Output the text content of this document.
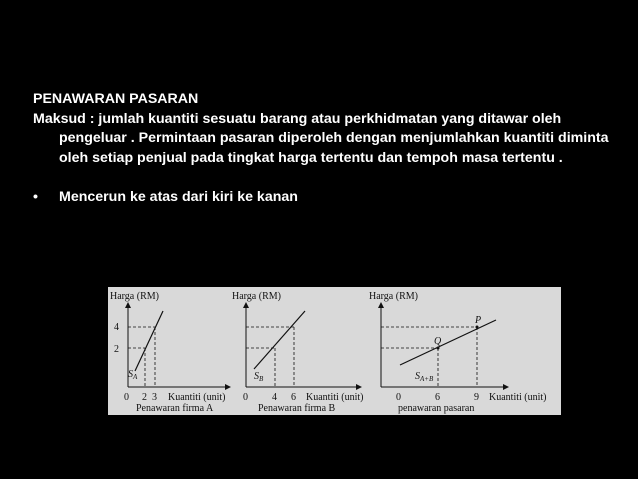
PENAWARAN PASARAN

Maksud : jumlah kuantiti sesuatu barang atau perkhidmatan yang ditawar oleh pengeluar . Permintaan pasaran diperoleh dengan menjumlahkan kuantiti diminta oleh setiap penjual pada tingkat harga tertentu dan tempoh masa tertentu .

•	Mencerun ke atas dari kiri ke kanan
Harga (RM)
4
2
$S_A$
0 2 3 Kuantiti (unit)
Penawaran firma A
Harga (RM)
$S_B$
0 4 6 Kuantiti (unit)
Penawaran firma B
Harga (RM)
P
Q
$S_{A+B}$
0	6	9 Kuantiti (unit)
penawaran pasaran
